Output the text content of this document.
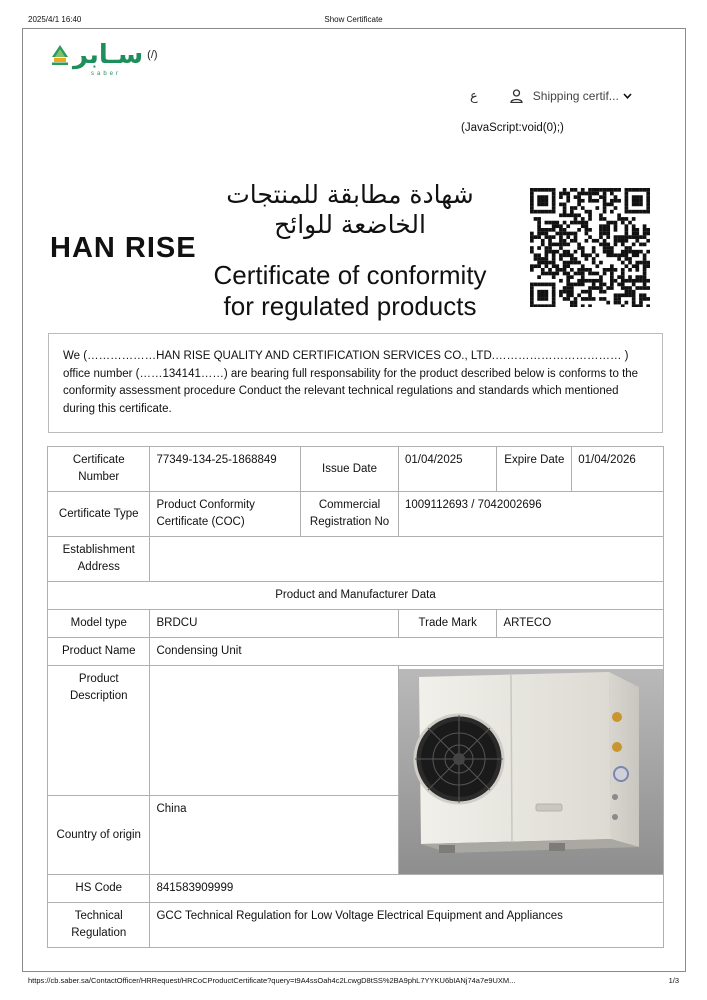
2025/4/1 16:40	Show Certificate
سـابر
saber
(/)
ع	Shipping certif...
(JavaScript:void(0);)
HAN RISE
شهادة مطابقة للمنتجات
الخاضعة للوائح
Certificate of conformity
for regulated products
We (………………HAN RISE QUALITY AND CERTIFICATION SERVICES CO., LTD.…………………………… ) office number (……134141……) are bearing full responsability for the product described below is conforms to the conformity assessment procedure Conduct the relevant technical regulations and standards which mentioned during this certificate.
Certificate Number	77349-134-25-1868849	Issue Date	01/04/2025	Expire Date	01/04/2026
Certificate Type	Product Conformity Certificate (COC)	Commercial Registration No	1009112693 / 7042002696		
Establishment Address					
Product and Manufacturer Data					
Model type	BRDCU		Trade Mark	ARTECO	
Product Name	Condensing Unit				
Product Description		

Country of origin	China				
HS Code	841583909999				
Technical Regulation	GCC Technical Regulation for Low Voltage Electrical Equipment and Appliances				
https://cb.saber.sa/ContactOfficer/HRRequest/HRCoCProductCertificate?query=t9A4ssOah4c2LcwgD8tSS%2BA9phL7YYKU6bIANj74a7e9UXM...	1/3
